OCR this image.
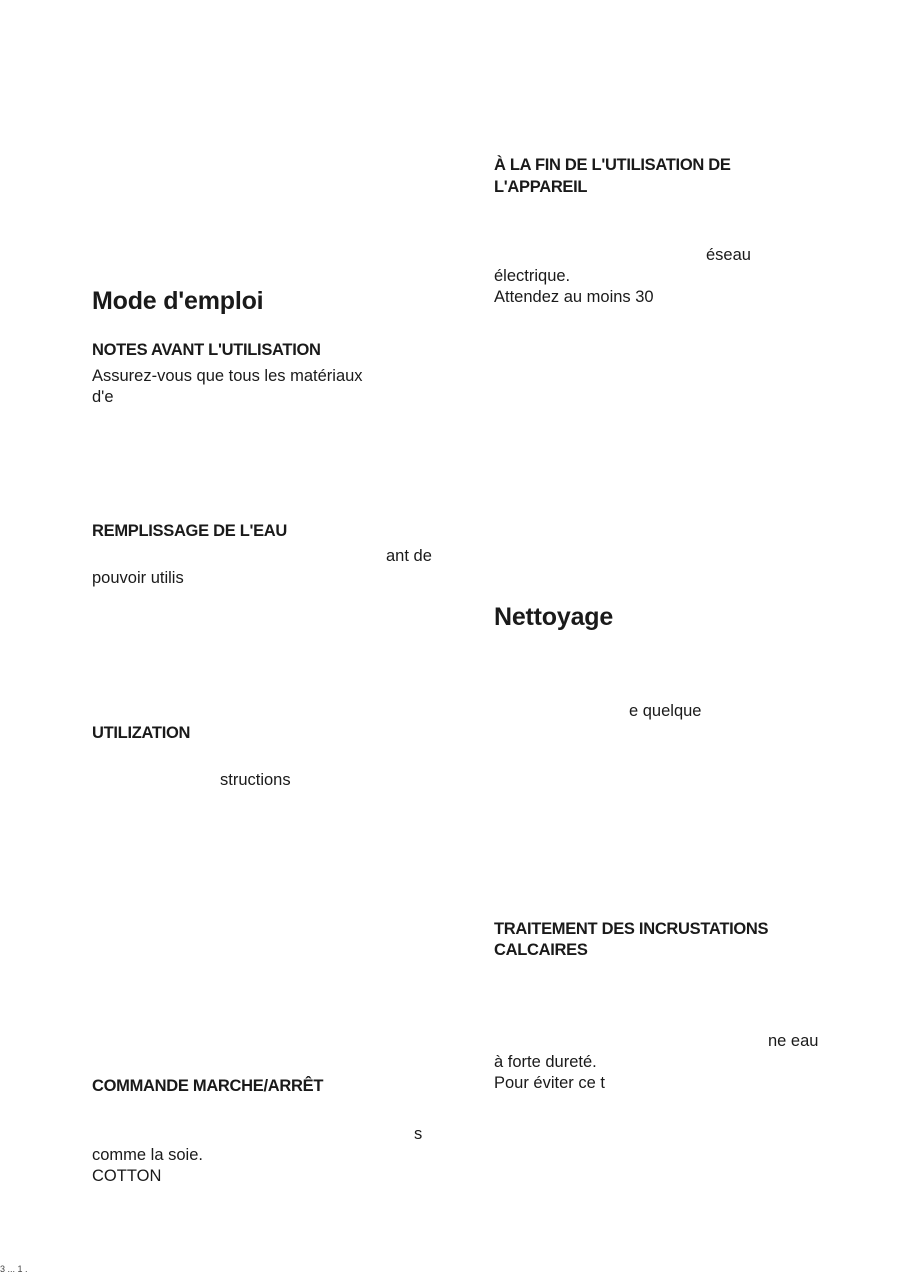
Mode d'emploi
NOTES AVANT L'UTILISATION
Assurez-vous que tous les matériaux
d'e
REMPLISSAGE DE L'EAU
ant de
pouvoir utilis
UTILIZATION
structions
COMMANDE MARCHE/ARRÊT
s
comme la soie.
COTTON
À LA FIN DE L'UTILISATION DE
L'APPAREIL
éseau
électrique.
Attendez au moins 30
Nettoyage
e quelque
TRAITEMENT DES INCRUSTATIONS
CALCAIRES
ne eau
à forte dureté.
Pour éviter ce t
3 ... 1 .
